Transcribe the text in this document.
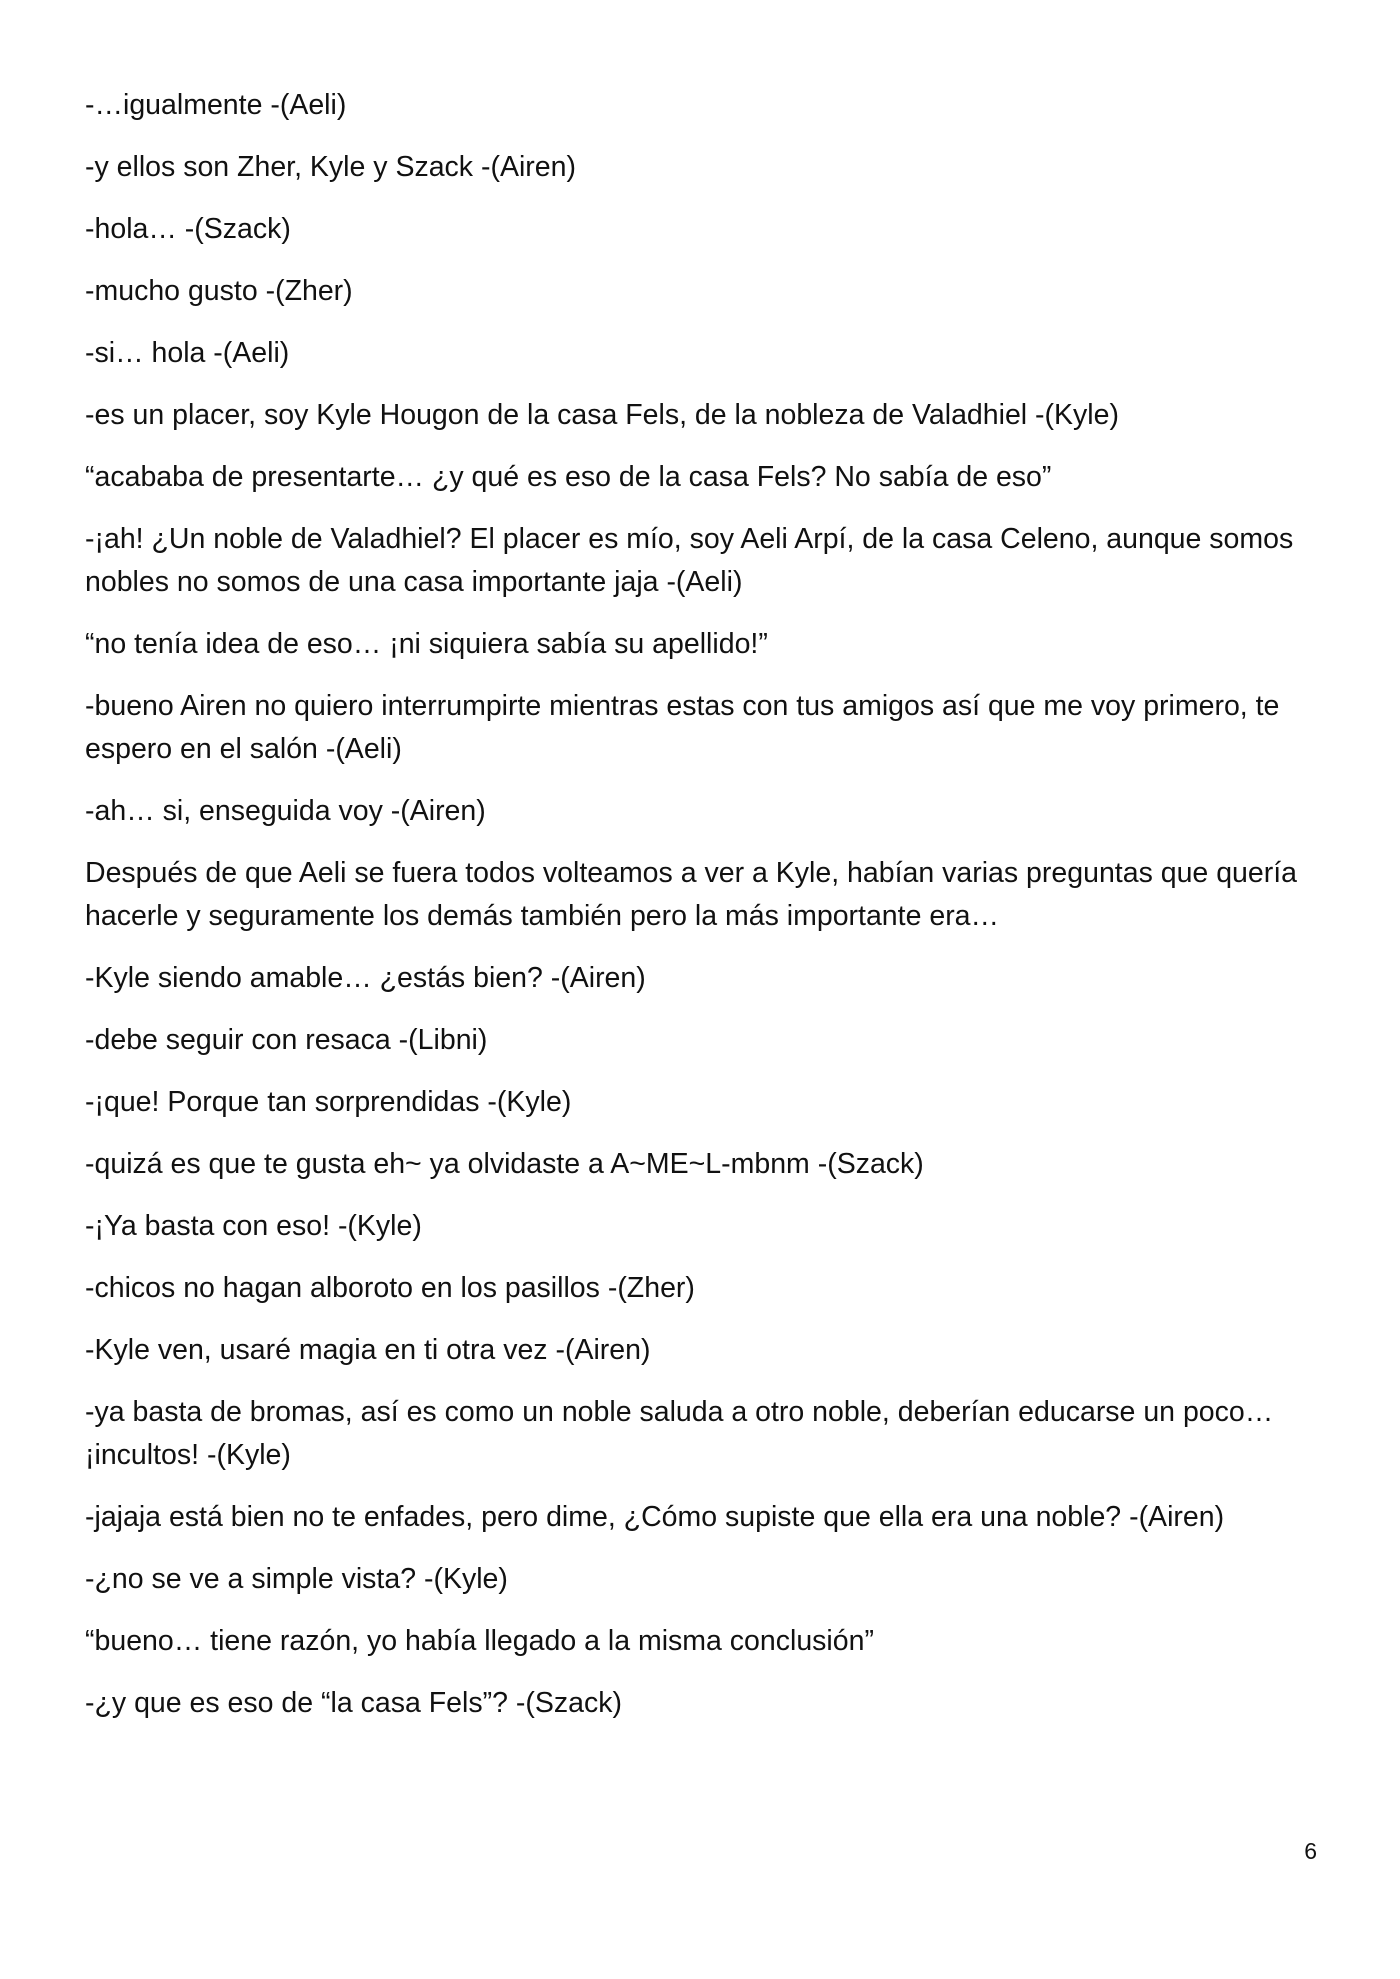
-…igualmente -(Aeli)

-y ellos son Zher, Kyle y Szack -(Airen)

-hola… -(Szack)

-mucho gusto -(Zher)

-si… hola -(Aeli)

-es un placer, soy Kyle Hougon de la casa Fels, de la nobleza de Valadhiel -(Kyle)

“acababa de presentarte… ¿y qué es eso de la casa Fels? No sabía de eso”

-¡ah! ¿Un noble de Valadhiel? El placer es mío, soy Aeli Arpí, de la casa Celeno, aunque somos nobles no somos de una casa importante jaja -(Aeli)

“no tenía idea de eso… ¡ni siquiera sabía su apellido!”

-bueno Airen no quiero interrumpirte mientras estas con tus amigos así que me voy primero, te espero en el salón -(Aeli)

-ah… si, enseguida voy -(Airen)

Después de que Aeli se fuera todos volteamos a ver a Kyle, habían varias preguntas que quería hacerle y seguramente los demás también pero la más importante era…

-Kyle siendo amable… ¿estás bien? -(Airen)

-debe seguir con resaca -(Libni)

-¡que! Porque tan sorprendidas -(Kyle)

-quizá es que te gusta eh~ ya olvidaste a A~ME~L-mbnm -(Szack)

-¡Ya basta con eso! -(Kyle)

-chicos no hagan alboroto en los pasillos -(Zher)

-Kyle ven, usaré magia en ti otra vez -(Airen)

-ya basta de bromas, así es como un noble saluda a otro noble, deberían educarse un poco… ¡incultos! -(Kyle)

-jajaja está bien no te enfades, pero dime, ¿Cómo supiste que ella era una noble? -(Airen)

-¿no se ve a simple vista? -(Kyle)

“bueno… tiene razón, yo había llegado a la misma conclusión”

-¿y que es eso de “la casa Fels”? -(Szack)

6
